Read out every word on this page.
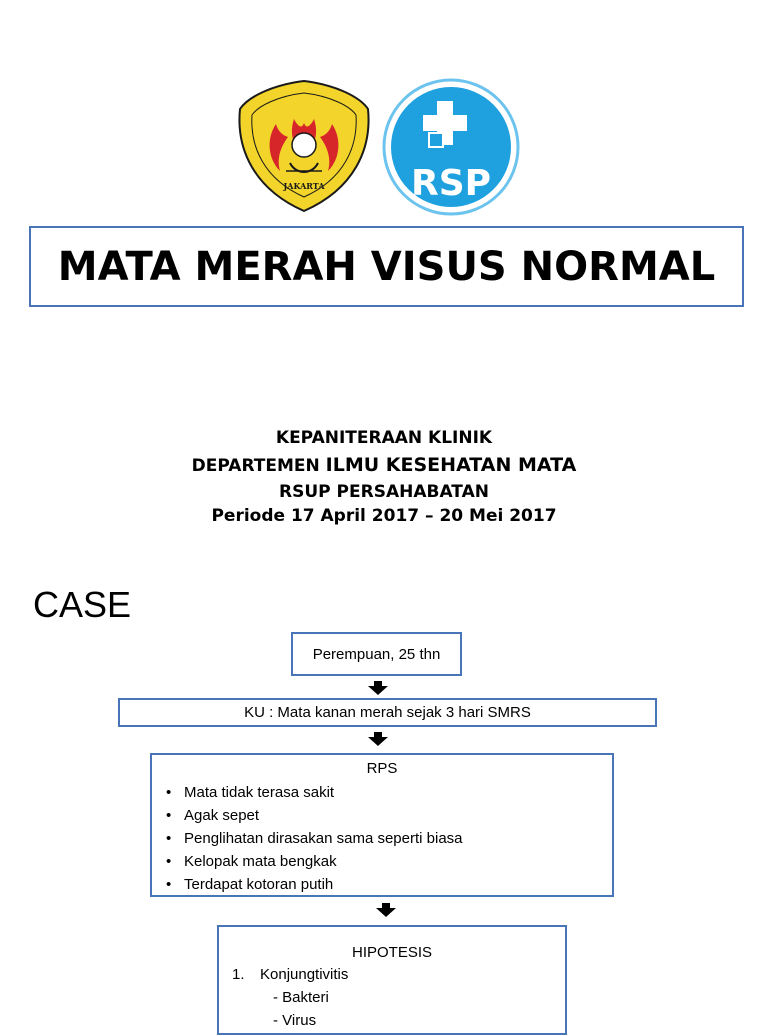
JAKARTA RSP
MATA MERAH VISUS NORMAL
KEPANITERAAN KLINIK
DEPARTEMEN ILMU KESEHATAN MATA
RSUP PERSAHABATAN
Periode 17 April 2017 – 20 Mei 2017
CASE
Perempuan, 25 thn
KU : Mata kanan merah sejak 3 hari SMRS
RPS
• Mata tidak terasa sakit
• Agak sepet
• Penglihatan dirasakan sama seperti biasa
• Kelopak mata bengkak
• Terdapat kotoran putih
HIPOTESIS
1. Konjungtivitis
- Bakteri
- Virus
